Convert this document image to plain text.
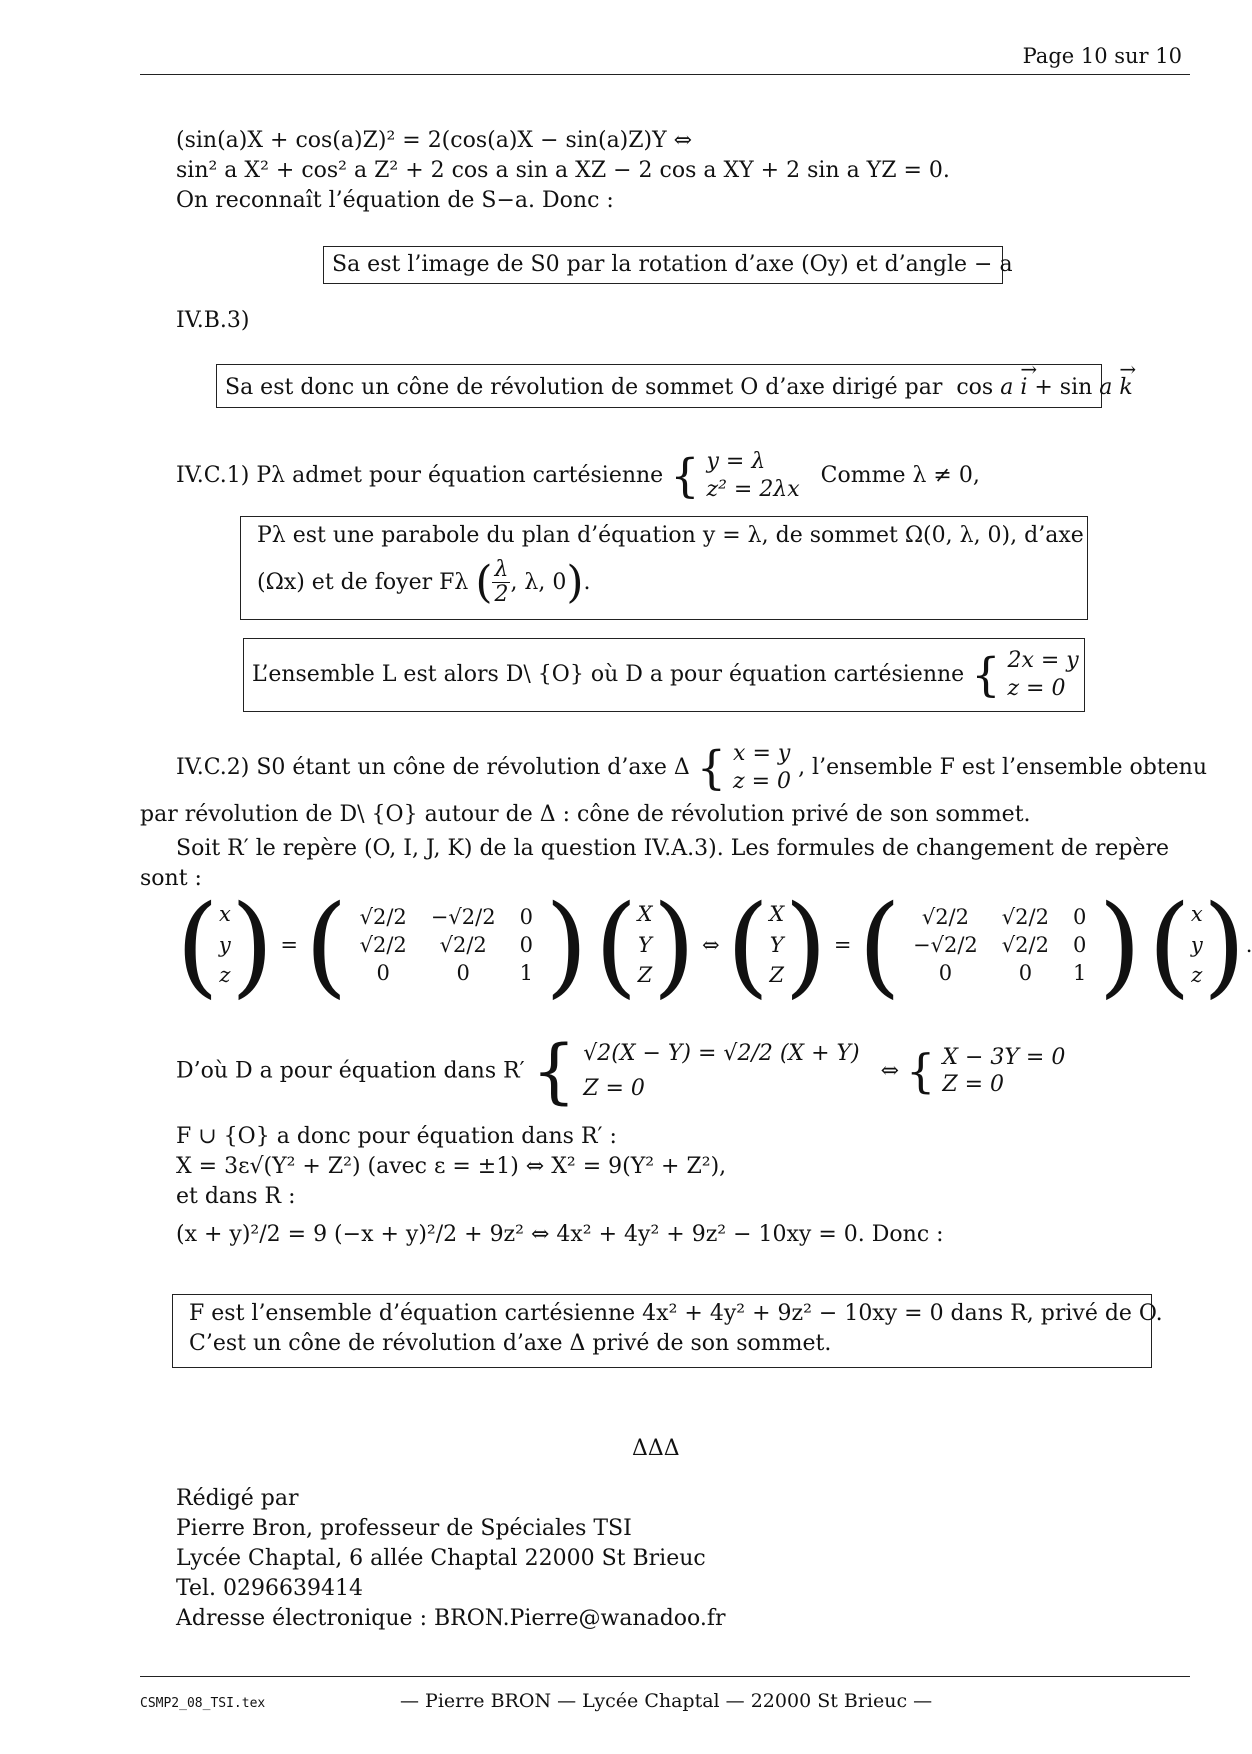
Page 10 sur 10
(sin(a)X + cos(a)Z)² = 2(cos(a)X − sin(a)Z)Y ⇔
sin² a X² + cos² a Z² + 2 cos a sin a XZ − 2 cos a XY + 2 sin a YZ = 0.
On reconnaît l’équation de S−a. Donc :
Sa est l’image de S0 par la rotation d’axe (Oy) et d’angle − a
IV.B.3)
Sa est donc un cône de révolution de sommet O d’axe dirigé par  cos a → i + sin a → k
IV.C.1) Pλ admet pour équation cartésienne { y = λ
z² = 2λx
Comme λ ≠ 0,
Pλ est une parabole du plan d’équation y = λ, de sommet Ω(0, λ, 0), d’axe
(Ωx) et de foyer Fλ ( $\frac{\lambda}{2}$ , λ, 0).
L’ensemble L est alors D\ {O} où D a pour équation cartésienne { 2x = y
z = 0
IV.C.2) S0 étant un cône de révolution d’axe Δ { x = y
z = 0
, l’ensemble F est l’ensemble obtenu
par révolution de D\ {O} autour de Δ : cône de révolution privé de son sommet.
Soit R′ le repère (O, I, J, K) de la question IV.A.3). Les formules de changement de repère
sont :
( x
y
z ) = ( √2/2	−√2/2	0
√2/2	√2/2	0
0	0	1 ) ( X
Y
Z ) ⇔ ( X
Y
Z ) = ( √2/2	√2/2	0
−√2/2	√2/2	0
0	0	1 ) ( x
y
z ).
D’où D a pour équation dans R′ { √2(X − Y) = √2/2 (X + Y)
Z = 0
⇔ { X − 3Y = 0
Z = 0
F ∪ {O} a donc pour équation dans R′ :
X = 3ε√(Y² + Z²) (avec ε = ±1) ⇔ X² = 9(Y² + Z²),
et dans R :
(x + y)²/2 = 9 (−x + y)²/2 + 9z² ⇔ 4x² + 4y² + 9z² − 10xy = 0. Donc :
F est l’ensemble d’équation cartésienne 4x² + 4y² + 9z² − 10xy = 0 dans R, privé de O.
C’est un cône de révolution d’axe Δ privé de son sommet.
ΔΔΔ
Rédigé par
Pierre Bron, professeur de Spéciales TSI
Lycée Chaptal, 6 allée Chaptal 22000 St Brieuc
Tel. 0296639414
Adresse électronique : BRON.Pierre@wanadoo.fr
CSMP2_08_TSI.tex	— Pierre BRON — Lycée Chaptal — 22000 St Brieuc —
